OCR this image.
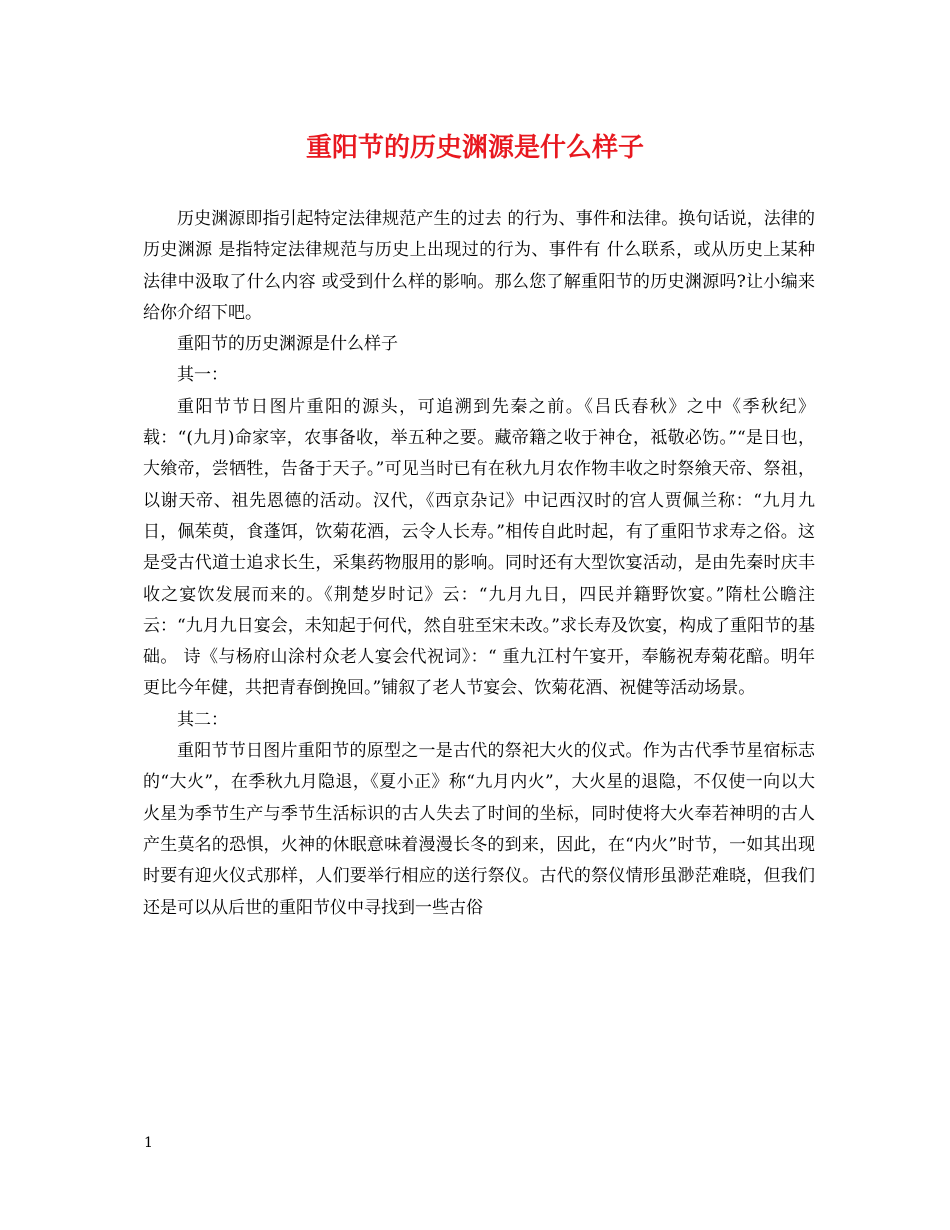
重阳节的历史渊源是什么样子

历史渊源即指引起特定法律规范产生的过去 的行为、事件和法律。换句话说，法律的历史渊源 是指特定法律规范与历史上出现过的行为、事件有 什么联系，或从历史上某种法律中汲取了什么内容 或受到什么样的影响。那么您了解重阳节的历史渊源吗?让小编来给你介绍下吧。

重阳节的历史渊源是什么样子

其一：

重阳节节日图片重阳的源头，可追溯到先秦之前。《吕氏春秋》之中《季秋纪》载：“(九月)命家宰，农事备收，举五种之要。藏帝籍之收于神仓，祗敬必饬。”“是日也，大飨帝，尝牺牲，告备于天子。”可见当时已有在秋九月农作物丰收之时祭飨天帝、祭祖，以谢天帝、祖先恩德的活动。汉代，《西京杂记》中记西汉时的宫人贾佩兰称：“九月九日，佩茱萸，食蓬饵，饮菊花酒，云令人长寿。”相传自此时起，有了重阳节求寿之俗。这是受古代道士追求长生，采集药物服用的影响。同时还有大型饮宴活动，是由先秦时庆丰收之宴饮发展而来的。《荆楚岁时记》云：“九月九日，四民并籍野饮宴。”隋杜公瞻注云：“九月九日宴会，未知起于何代，然自驻至宋未改。”求长寿及饮宴，构成了重阳节的基础。 诗《与杨府山涂村众老人宴会代祝词》：“ 重九江村午宴开，奉觞祝寿菊花醅。明年更比今年健，共把青春倒挽回。”铺叙了老人节宴会、饮菊花酒、祝健等活动场景。

其二：

重阳节节日图片重阳节的原型之一是古代的祭祀大火的仪式。作为古代季节星宿标志的“大火”，在季秋九月隐退，《夏小正》称“九月内火”，大火星的退隐，不仅使一向以大火星为季节生产与季节生活标识的古人失去了时间的坐标，同时使将大火奉若神明的古人产生莫名的恐惧，火神的休眠意味着漫漫长冬的到来，因此，在“内火”时节，一如其出现时要有迎火仪式那样，人们要举行相应的送行祭仪。古代的祭仪情形虽渺茫难晓，但我们还是可以从后世的重阳节仪中寻找到一些古俗

1
